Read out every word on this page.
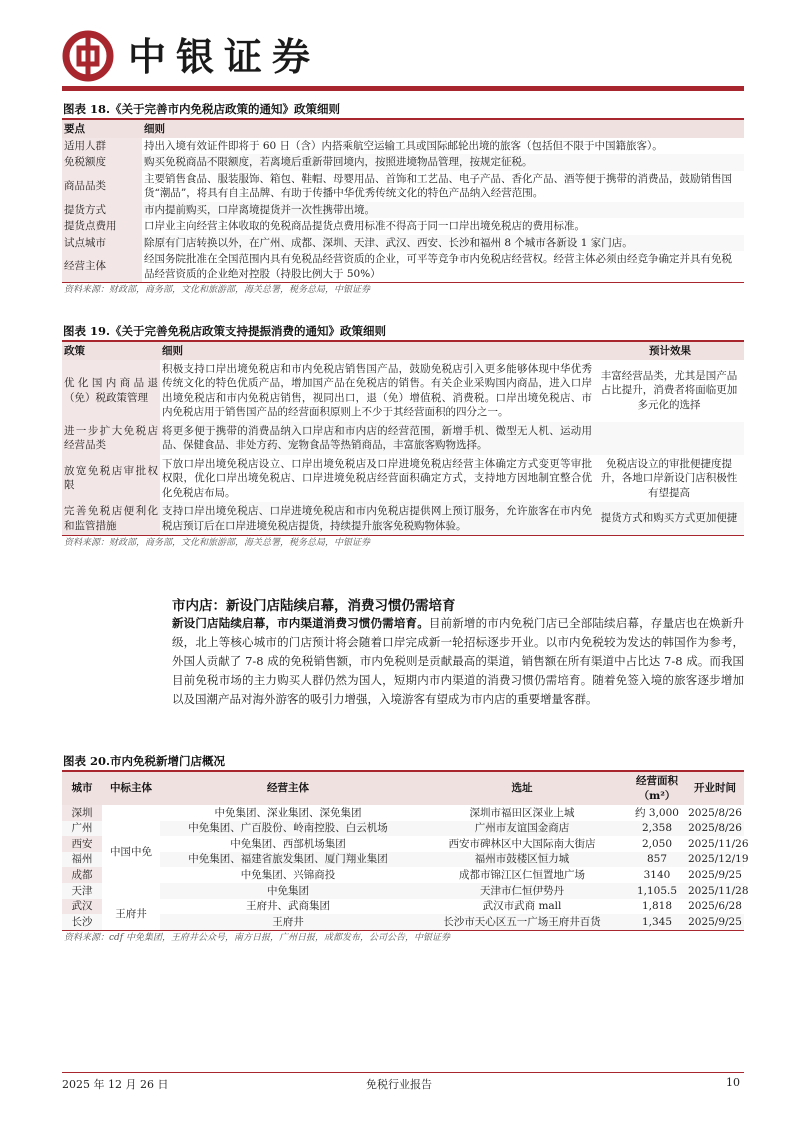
中银证券
图表 18.《关于完善市内免税店政策的通知》政策细则
要点	细则
适用人群	持出入境有效证件即将于 60 日（含）内搭乘航空运输工具或国际邮轮出境的旅客（包括但不限于中国籍旅客）。
免税额度	购买免税商品不限额度，若离境后重新带回境内，按照进境物品管理，按规定征税。
商品品类	主要销售食品、服装服饰、箱包、鞋帽、母婴用品、首饰和工艺品、电子产品、香化产品、酒等便于携带的消费品，鼓励销售国货“潮品”，将具有自主品牌、有助于传播中华优秀传统文化的特色产品纳入经营范围。
提货方式	市内提前购买，口岸离境提货并一次性携带出境。
提货点费用	口岸业主向经营主体收取的免税商品提货点费用标准不得高于同一口岸出境免税店的费用标准。
试点城市	除原有门店转换以外，在广州、成都、深圳、天津、武汉、西安、长沙和福州 8 个城市各新设 1 家门店。
经营主体	经国务院批准在全国范围内具有免税品经营资质的企业，可平等竞争市内免税店经营权。经营主体必须由经竞争确定并具有免税品经营资质的企业绝对控股（持股比例大于 50%）
资料来源：财政部，商务部，文化和旅游部，海关总署，税务总局，中银证券
图表 19.《关于完善免税店政策支持提振消费的通知》政策细则
政策	细则	预计效果
优化国内商品退（免）税政策管理	积极支持口岸出境免税店和市内免税店销售国产品，鼓励免税店引入更多能够体现中华优秀传统文化的特色优质产品，增加国产品在免税店的销售。有关企业采购国内商品，进入口岸出境免税店和市内免税店销售，视同出口，退（免）增值税、消费税。口岸出境免税店、市内免税店用于销售国产品的经营面积原则上不少于其经营面积的四分之一。	丰富经营品类，尤其是国产品占比提升，消费者将面临更加多元化的选择
进一步扩大免税店经营品类	将更多便于携带的消费品纳入口岸店和市内店的经营范围，新增手机、微型无人机、运动用品、保健食品、非处方药、宠物食品等热销商品，丰富旅客购物选择。	
放宽免税店审批权限	下放口岸出境免税店设立、口岸出境免税店及口岸进境免税店经营主体确定方式变更等审批权限，优化口岸出境免税店、口岸进境免税店经营面积确定方式，支持地方因地制宜整合优化免税店布局。	免税店设立的审批便捷度提升，各地口岸新设门店积极性有望提高
完善免税店便利化和监管措施	支持口岸出境免税店、口岸进境免税店和市内免税店提供网上预订服务，允许旅客在市内免税店预订后在口岸进境免税店提货，持续提升旅客免税购物体验。	提货方式和购买方式更加便捷
资料来源：财政部，商务部，文化和旅游部，海关总署，税务总局，中银证券
市内店：新设门店陆续启幕，消费习惯仍需培育
新设门店陆续启幕，市内渠道消费习惯仍需培育。目前新增的市内免税门店已全部陆续启幕，存量店也在焕新升级，北上等核心城市的门店预计将会随着口岸完成新一轮招标逐步开业。以市内免税较为发达的韩国作为参考，外国人贡献了 7-8 成的免税销售额，市内免税则是贡献最高的渠道，销售额在所有渠道中占比达 7-8 成。而我国目前免税市场的主力购买人群仍然为国人，短期内市内渠道的消费习惯仍需培育。随着免签入境的旅客逐步增加以及国潮产品对海外游客的吸引力增强，入境游客有望成为市内店的重要增量客群。
图表 20.市内免税新增门店概况
城市	中标主体	经营主体	选址	经营面积（m²）	开业时间
深圳	中国中免	中免集团、深业集团、深免集团	深圳市福田区深业上城	约 3,000	2025/8/26
广州		中免集团、广百股份、岭南控股、白云机场	广州市友谊国金商店	2,358	2025/8/26
西安		中免集团、西部机场集团	西安市碑林区中大国际南大街店	2,050	2025/11/26
福州		中免集团、福建省旅发集团、厦门翔业集团	福州市鼓楼区恒力城	857	2025/12/19
成都		中免集团、兴锦商投	成都市锦江区仁恒置地广场	3140	2025/9/25
天津		中免集团	天津市仁恒伊势丹	1,105.5	2025/11/28
武汉	王府井	王府井、武商集团	武汉市武商 mall	1,818	2025/6/28
长沙		王府井	长沙市天心区五一广场王府井百货	1,345	2025/9/25
资料来源：cdf 中免集团，王府井公众号，南方日报，广州日报，成都发布，公司公告，中银证券
2025 年 12 月 26 日	免税行业报告	10
